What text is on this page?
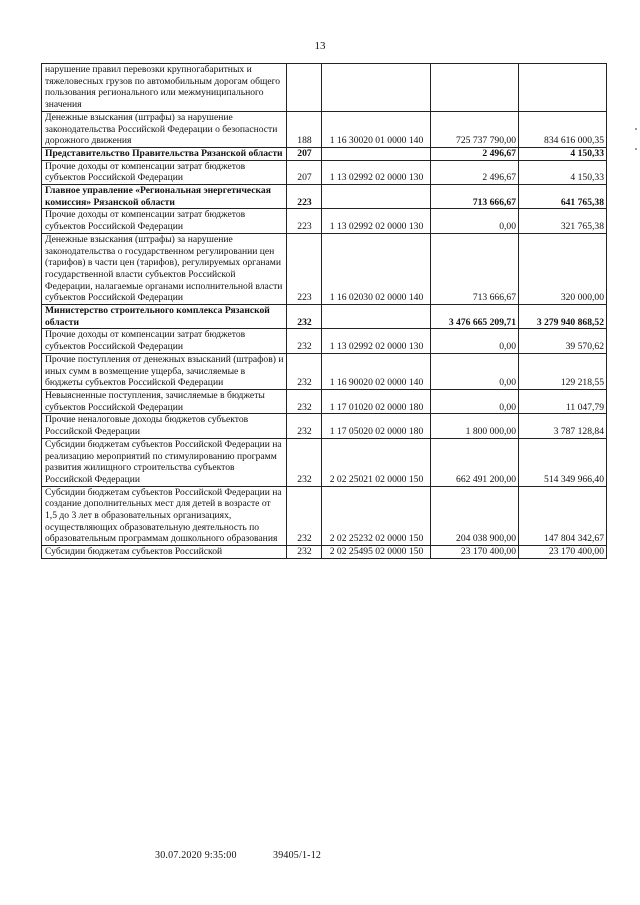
13
нарушение правил перевозки крупногабаритных и тяжеловесных грузов по автомобильным дорогам общего пользования регионального или межмуниципального значения				
Денежные взыскания (штрафы) за нарушение законодательства Российской Федерации о безопасности дорожного движения	188	1 16 30020 01 0000 140	725 737 790,00	834 616 000,35
Представительство Правительства Рязанской области	207		2 496,67	4 150,33
Прочие доходы от компенсации затрат бюджетов субъектов Российской Федерации	207	1 13 02992 02 0000 130	2 496,67	4 150,33
Главное управление «Региональная энергетическая комиссия» Рязанской области	223		713 666,67	641 765,38
Прочие доходы от компенсации затрат бюджетов субъектов Российской Федерации	223	1 13 02992 02 0000 130	0,00	321 765,38
Денежные взыскания (штрафы) за нарушение законодательства о государственном регулировании цен (тарифов) в части цен (тарифов), регулируемых органами государственной власти субъектов Российской Федерации, налагаемые органами исполнительной власти субъектов Российской Федерации	223	1 16 02030 02 0000 140	713 666,67	320 000,00
Министерство строительного комплекса Рязанской области	232		3 476 665 209,71	3 279 940 868,52
Прочие доходы от компенсации затрат бюджетов субъектов Российской Федерации	232	1 13 02992 02 0000 130	0,00	39 570,62
Прочие поступления от денежных взысканий (штрафов) и иных сумм в возмещение ущерба, зачисляемые в бюджеты субъектов Российской Федерации	232	1 16 90020 02 0000 140	0,00	129 218,55
Невыясненные поступления, зачисляемые в бюджеты субъектов Российской Федерации	232	1 17 01020 02 0000 180	0,00	11 047,79
Прочие неналоговые доходы бюджетов субъектов Российской Федерации	232	1 17 05020 02 0000 180	1 800 000,00	3 787 128,84
Субсидии бюджетам субъектов Российской Федерации на реализацию мероприятий по стимулированию программ развития жилищного строительства субъектов Российской Федерации	232	2 02 25021 02 0000 150	662 491 200,00	514 349 966,40
Субсидии бюджетам субъектов Российской Федерации на создание дополнительных мест для детей в возрасте от 1,5 до 3 лет в образовательных организациях, осуществляющих образовательную деятельность по образовательным программам дошкольного образования	232	2 02 25232 02 0000 150	204 038 900,00	147 804 342,67
Субсидии бюджетам субъектов Российской	232	2 02 25495 02 0000 150	23 170 400,00	23 170 400,00
30.07.2020 9:35:00	39405/1-12
